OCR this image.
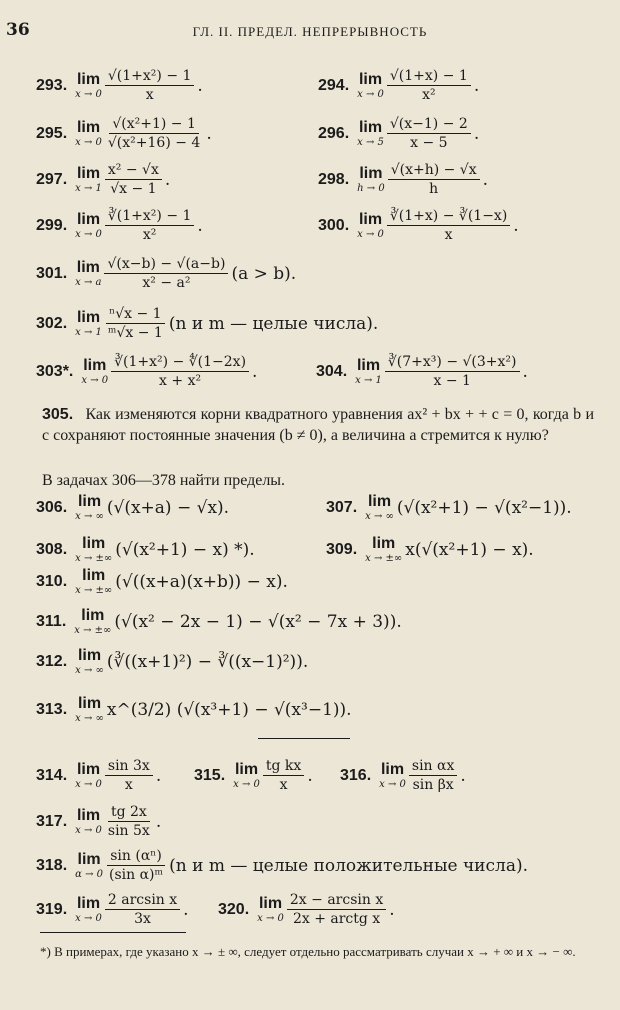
36	ГЛ. II. ПРЕДЕЛ. НЕПРЕРЫВНОСТЬ
293. lim
$x \to 0 \frac{\text{√(1+x²) − 1}}{x}$ .	294. lim
$x \to 0 \frac{√(1+x) - 1}{\text{x²}}$ .
295. lim
$x \to 0 \frac{\text{√(x²+1) − 1}}{\text{√(x²+16) − 4}}$ .	296. lim
$x \to 5 \frac{√(x-1) - 2}{x - 5}$ .
297. lim
$x \to 1 \frac{\text{x² − √x}}{√x - 1}$ .	298. lim
$h \to 0 \frac{√(x+h) - √x}{h}$ .
299. lim
$x \to 0 \frac{\text{∛(1+x²) − 1}}{\text{x²}}$ .	300. lim
$x \to 0 \frac{∛(1+x) - ∛(1-x)}{x}$ .
301. lim
x → a $\frac{√(x-b) - √(a-b)}{\text{x² − a²}} (a > b)$.
302. lim
$x \to 1 \frac{\text{ⁿ√x − 1}}{\text{ᵐ√x − 1}} (n$ и m — целые числа).
303*. lim
$x \to 0 \frac{\text{∛(1+x²) − ∜(1−2x)}}{\text{x + x²}}$ .	304. lim
$x \to 1 \frac{\text{∛(7+x³) − √(3+x²)}}{x - 1}$ .
305. Как изменяются корни квадратного уравнения ax² + bx + + c = 0, когда b и c сохраняют постоянные значения (b ≠ 0), а величина a стремится к нулю?
В задачах 306—378 найти пределы.
306. lim
x → ∞ (√(x+a) − √x).	307. lim
x → ∞ (√(x²+1) − √(x²−1)).
308. lim
x → ±∞ (√(x²+1) − x) *).	309. lim
x → ±∞ x(√(x²+1) − x).
310. lim
x → ±∞ (√((x+a)(x+b)) − x).
311. lim
x → ±∞ (√(x² − 2x − 1) − √(x² − 7x + 3)).
312. lim
x → ∞ (∛((x+1)²) − ∛((x−1)²)).
313. lim
x → ∞ x^(3/2) (√(x³+1) − √(x³−1)).
314. lim
$x \to 0 \frac{\sin 3x}{x}$ . 315. lim
$x \to 0 \frac{\text{tg kx}}{x}$ . 316. lim
$x \to 0 \frac{\text{sin αx}}{\text{sin βx}}$ .
317. lim
$x \to 0 \frac{tg 2x}{\sin 5x}$ .
318. lim
$\alpha \to 0 \frac{\text{sin (αⁿ)}}{\text{(sin α)ᵐ}} (n$ и m — целые положительные числа).
319. lim
$x \to 0 \frac{\text{2 arcsin x}}{3x}$ . 320. lim
$x \to 0 \frac{\text{2x − arcsin x}}{\text{2x + arctg x}}$ .
*) В примерах, где указано x → ± ∞, следует отдельно рассматривать случаи x → + ∞ и x → − ∞.
